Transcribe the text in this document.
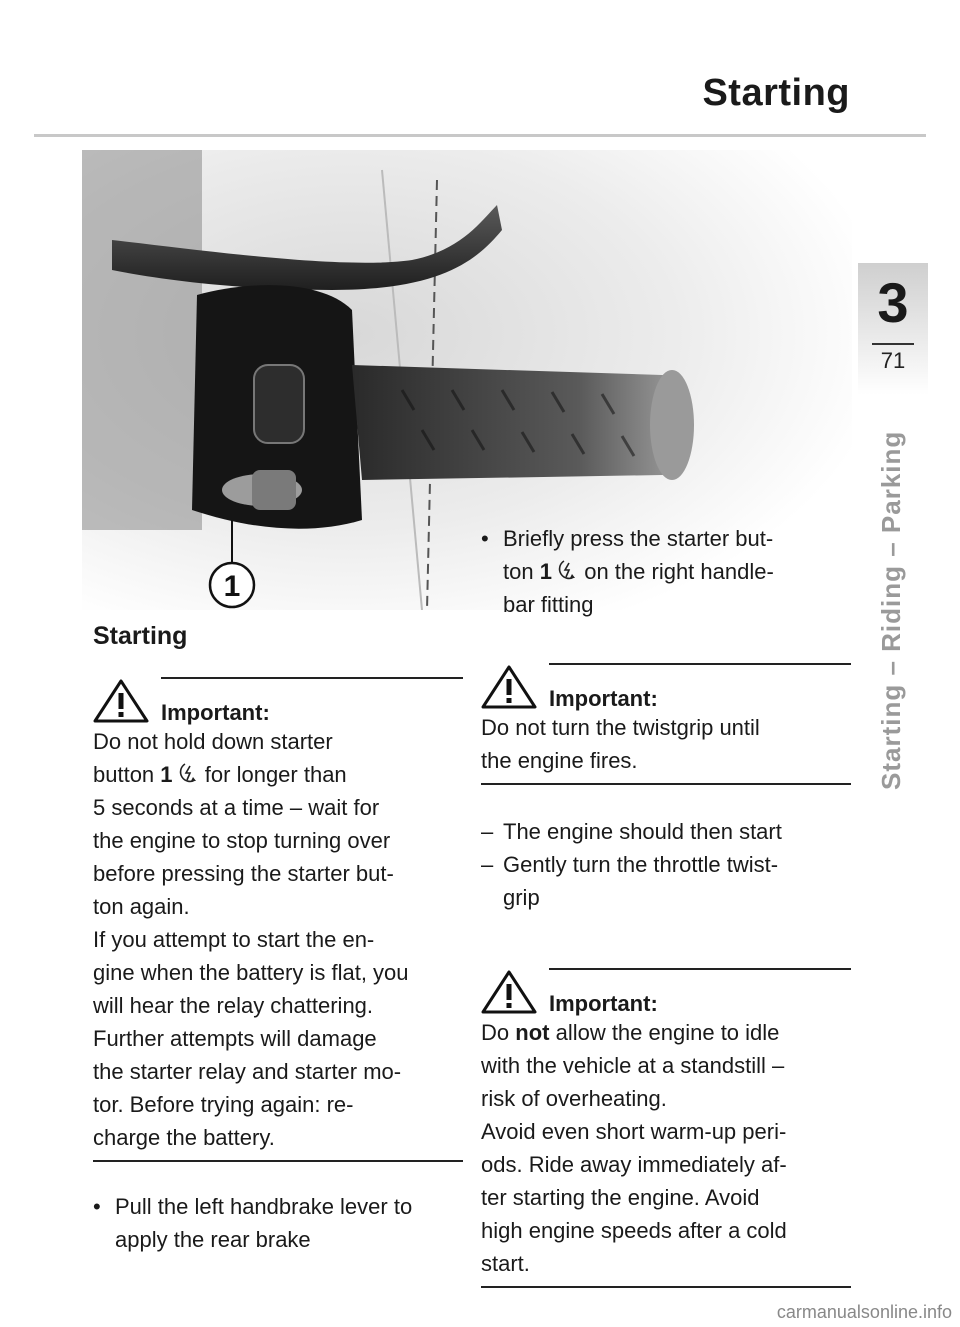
Starting
3
71
Starting – Riding – Parking
1

Starting

Important:

Do not hold down starter

button 1 for longer than

5 seconds at a time – wait for

the engine to stop turning over

before pressing the starter but-

ton again.

If you attempt to start the en-

gine when the battery is flat, you

will hear the relay chattering.

Further attempts will damage

the starter relay and starter mo-

tor. Before trying again: re-

charge the battery.

• Pull the left handbrake lever to

apply the rear brake

• Briefly press the starter but-

ton 1 on the right handle-

bar fitting

Important:

Do not turn the twistgrip until

the engine fires.

– The engine should then start

– Gently turn the throttle twist-

grip

Important:

Do not allow the engine to idle

with the vehicle at a standstill –

risk of overheating.

Avoid even short warm-up peri-

ods. Ride away immediately af-

ter starting the engine. Avoid

high engine speeds after a cold

start.

carmanualsonline.info
